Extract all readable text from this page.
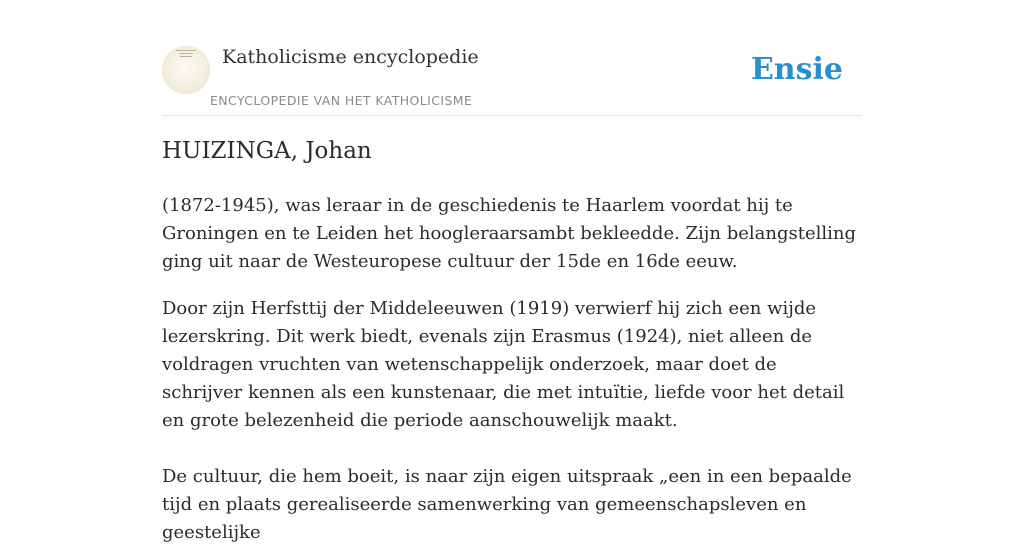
Katholicisme encyclopedie
ENCYCLOPEDIE VAN HET KATHOLICISME
Ensie
HUIZINGA, Johan

(1872-1945), was leraar in de geschiedenis te Haarlem voordat hij te Groningen en te Leiden het hoogleraarsambt bekleedde. Zijn belangstelling ging uit naar de Westeuropese cultuur der 15de en 16de eeuw.

Door zijn Herfsttij der Middeleeuwen (1919) verwierf hij zich een wijde lezerskring. Dit werk biedt, evenals zijn Erasmus (1924), niet alleen de voldragen vruchten van wetenschappelijk onderzoek, maar doet de schrijver kennen als een kunstenaar, die met intuïtie, liefde voor het detail en grote belezenheid die periode aanschouwelijk maakt.

De cultuur, die hem boeit, is naar zijn eigen uitspraak „een in een bepaalde tijd en plaats gerealiseerde samenwerking van gemeenschapsleven en geestelijke
